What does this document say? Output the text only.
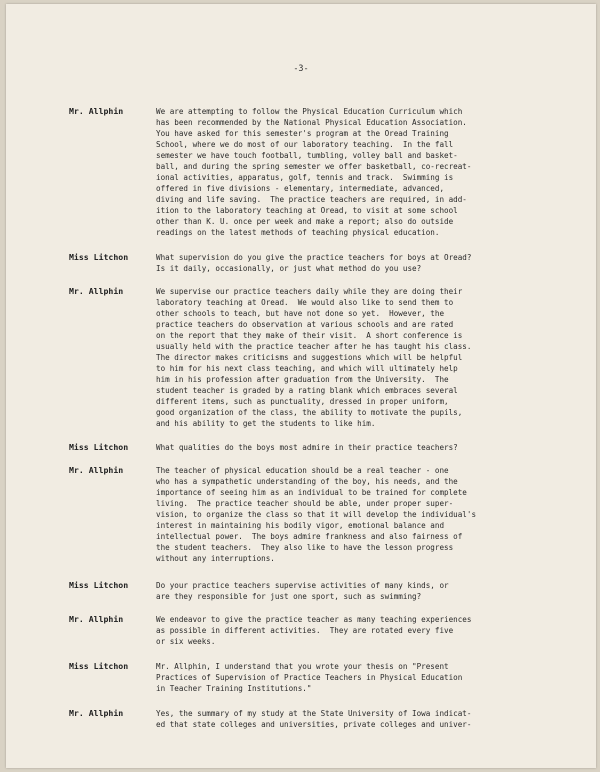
-3-
Mr. Allphin	We are attempting to follow the Physical Education Curriculum which
has been recommended by the National Physical Education Association.
You have asked for this semester's program at the Oread Training
School, where we do most of our laboratory teaching.  In the fall
semester we have touch football, tumbling, volley ball and basket-
ball, and during the spring semester we offer basketball, co-recreat-
ional activities, apparatus, golf, tennis and track.  Swimming is
offered in five divisions - elementary, intermediate, advanced,
diving and life saving.  The practice teachers are required, in add-
ition to the laboratory teaching at Oread, to visit at some school
other than K. U. once per week and make a report; also do outside
readings on the latest methods of teaching physical education.
Miss Litchon	What supervision do you give the practice teachers for boys at Oread?
Is it daily, occasionally, or just what method do you use?
Mr. Allphin	We supervise our practice teachers daily while they are doing their
laboratory teaching at Oread.  We would also like to send them to
other schools to teach, but have not done so yet.  However, the
practice teachers do observation at various schools and are rated
on the report that they make of their visit.  A short conference is
usually held with the practice teacher after he has taught his class.
The director makes criticisms and suggestions which will be helpful
to him for his next class teaching, and which will ultimately help
him in his profession after graduation from the University.  The
student teacher is graded by a rating blank which embraces several
different items, such as punctuality, dressed in proper uniform,
good organization of the class, the ability to motivate the pupils,
and his ability to get the students to like him.
Miss Litchon	What qualities do the boys most admire in their practice teachers?
Mr. Allphin	The teacher of physical education should be a real teacher - one
who has a sympathetic understanding of the boy, his needs, and the
importance of seeing him as an individual to be trained for complete
living.  The practice teacher should be able, under proper super-
vision, to organize the class so that it will develop the individual's
interest in maintaining his bodily vigor, emotional balance and
intellectual power.  The boys admire frankness and also fairness of
the student teachers.  They also like to have the lesson progress
without any interruptions.
Miss Litchon	Do your practice teachers supervise activities of many kinds, or
are they responsible for just one sport, such as swimming?
Mr. Allphin	We endeavor to give the practice teacher as many teaching experiences
as possible in different activities.  They are rotated every five
or six weeks.
Miss Litchon	Mr. Allphin, I understand that you wrote your thesis on "Present
Practices of Supervision of Practice Teachers in Physical Education
in Teacher Training Institutions."
Mr. Allphin	Yes, the summary of my study at the State University of Iowa indicat-
ed that state colleges and universities, private colleges and univer-
